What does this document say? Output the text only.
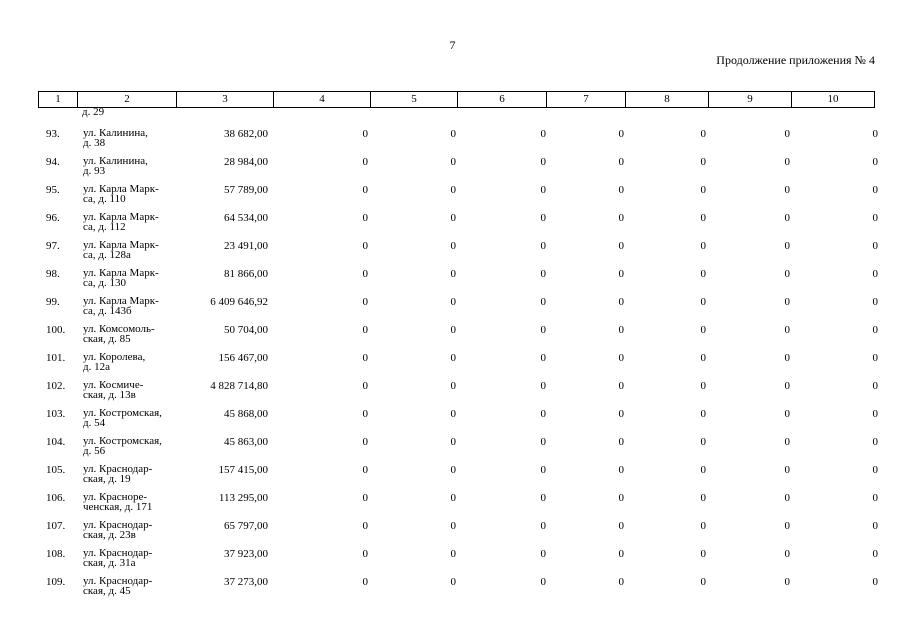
7
Продолжение приложения № 4
1	2	3	4	5	6	7	8	9	10
д. 29
93. ул. Калинина,
д. 38
38 682,00	0	0	0	0	0	0	0
94. ул. Калинина,
д. 93
28 984,00	0	0	0	0	0	0	0
95. ул. Карла Марк-
са, д. 110
57 789,00	0	0	0	0	0	0	0
96. ул. Карла Марк-
са, д. 112
64 534,00	0	0	0	0	0	0	0
97. ул. Карла Марк-
са, д. 128а
23 491,00	0	0	0	0	0	0	0
98. ул. Карла Марк-
са, д. 130
81 866,00	0	0	0	0	0	0	0
99. ул. Карла Марк-
са, д. 143б
6 409 646,92	0	0	0	0	0	0	0
100. ул. Комсомоль-
ская, д. 85
50 704,00	0	0	0	0	0	0	0
101. ул. Королева,
д. 12а
156 467,00	0	0	0	0	0	0	0
102. ул. Космиче-
ская, д. 13в
4 828 714,80	0	0	0	0	0	0	0
103. ул. Костромская,
д. 54
45 868,00	0	0	0	0	0	0	0
104. ул. Костромская,
д. 56
45 863,00	0	0	0	0	0	0	0
105. ул. Краснодар-
ская, д. 19
157 415,00	0	0	0	0	0	0	0
106. ул. Красноре-
ченская, д. 171
113 295,00	0	0	0	0	0	0	0
107. ул. Краснодар-
ская, д. 23в
65 797,00	0	0	0	0	0	0	0
108. ул. Краснодар-
ская, д. 31а
37 923,00	0	0	0	0	0	0	0
109. ул. Краснодар-
ская, д. 45
37 273,00	0	0	0	0	0	0	0
